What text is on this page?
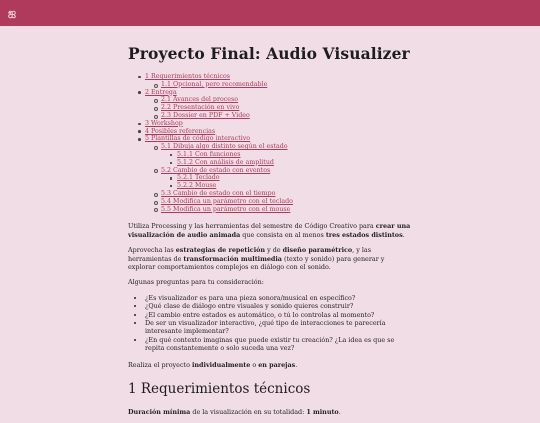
ஐ
Proyecto Final: Audio Visualizer
1 Requerimientos técnicos
1.1 Opcional, pero recomendable
2 Entrega
2.1 Avances del proceso
2.2 Presentación en vivo
2.3 Dossier en PDF + Video
3 Workshop
4 Posibles referencias
5 Plantillas de código interactivo
5.1 Dibuja algo distinto según el estado
5.1.1 Con funciones
5.1.2 Con análisis de amplitud
5.2 Cambio de estado con eventos
5.2.1 Teclado
5.2.2 Mouse
5.3 Cambio de estado con el tiempo
5.4 Modifica un parámetro con el teclado
5.5 Modifica un parámetro con el mouse

Utiliza Processing y las herramientas del semestre de Código Creativo para crear una visualización de audio animada que consista en al menos tres estados distintos.

Aprovecha las estrategias de repetición y de diseño paramétrico, y las herramientas de transformación multimedia (texto y sonido) para generar y explorar comportamientos complejos en diálogo con el sonido.

Algunas preguntas para tu consideración:

• ¿Es visualizador es para una pieza sonora/musical en específico?
• ¿Qué clase de diálogo entre visuales y sonido quieres construir?
• ¿El cambio entre estados es automático, o tú lo controlas al momento?
• De ser un visualizador interactivo, ¿qué tipo de interacciones te parecería interesante implementar?
• ¿En qué contexto imaginas que puede existir tu creación? ¿La idea es que se repita constantemente o solo suceda una vez?

Realiza el proyecto individualmente o en parejas.

1 Requerimientos técnicos

Duración mínima de la visualización en su totalidad: 1 minuto.
